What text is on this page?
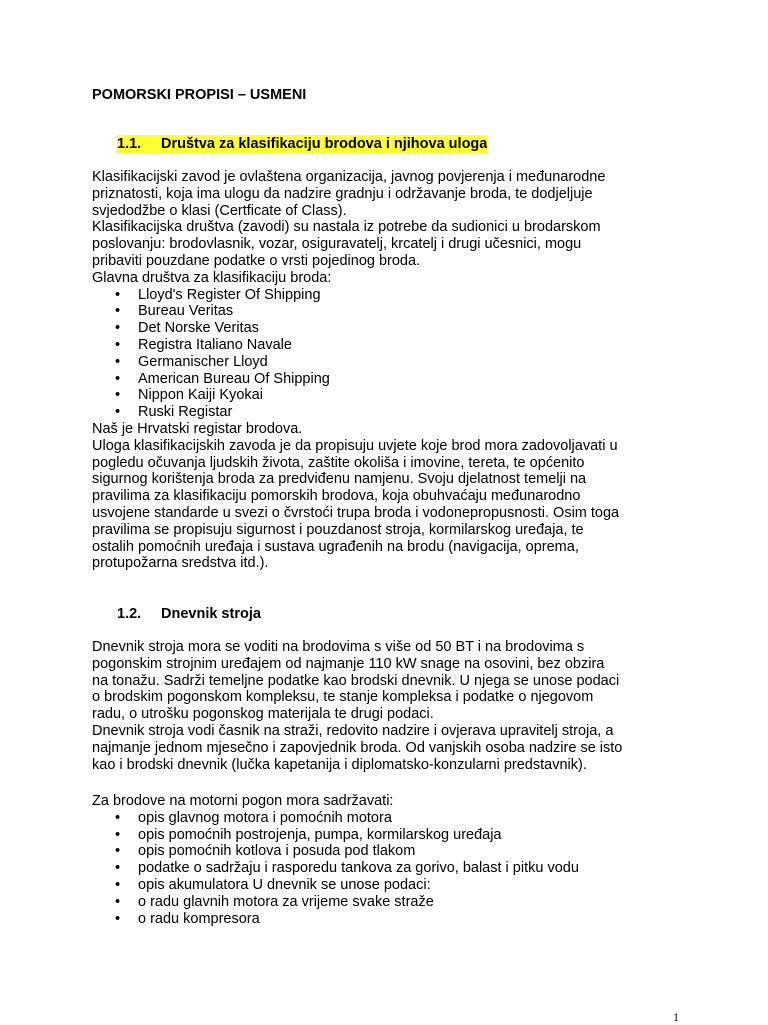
POMORSKI PROPISI – USMENI
1.1. Društva za klasifikaciju brodova i njihova uloga

Klasifikacijski zavod je ovlaštena organizacija, javnog povjerenja i međunarodne
priznatosti, koja ima ulogu da nadzire gradnju i održavanje broda, te dodjeljuje
svjedodžbe o klasi (Certficate of Class).

Klasifikacijska društva (zavodi) su nastala iz potrebe da sudionici u brodarskom
poslovanju: brodovlasnik, vozar, osiguravatelj, krcatelj i drugi učesnici, mogu
pribaviti pouzdane podatke o vrsti pojedinog broda.

Glavna društva za klasifikaciju broda:

• Lloyd's Register Of Shipping
• Bureau Veritas
• Det Norske Veritas
• Registra Italiano Navale
• Germanischer Lloyd
• American Bureau Of Shipping
• Nippon Kaiji Kyokai
• Ruski Registar

Naš je Hrvatski registar brodova.

Uloga klasifikacijskih zavoda je da propisuju uvjete koje brod mora zadovoljavati u
pogledu očuvanja ljudskih života, zaštite okoliša i imovine, tereta, te općenito
sigurnog korištenja broda za predviđenu namjenu. Svoju djelatnost temelji na
pravilima za klasifikaciju pomorskih brodova, koja obuhvaćaju međunarodno
usvojene standarde u svezi o čvrstoći trupa broda i vodonepropusnosti. Osim toga
pravilima se propisuju sigurnost i pouzdanost stroja, kormilarskog uređaja, te
ostalih pomoćnih uređaja i sustava ugrađenih na brodu (navigacija, oprema,
protupožarna sredstva itd.).

1.2. Dnevnik stroja

Dnevnik stroja mora se voditi na brodovima s više od 50 BT i na brodovima s
pogonskim strojnim uređajem od najmanje 110 kW snage na osovini, bez obzira
na tonažu. Sadrži temeljne podatke kao brodski dnevnik. U njega se unose podaci
o brodskim pogonskom kompleksu, te stanje kompleksa i podatke o njegovom
radu, o utrošku pogonskog materijala te drugi podaci.
Dnevnik stroja vodi časnik na straži, redovito nadzire i ovjerava upravitelj stroja, a
najmanje jednom mjesečno i zapovjednik broda. Od vanjskih osoba nadzire se isto
kao i brodski dnevnik (lučka kapetanija i diplomatsko-konzularni predstavnik).

Za brodove na motorni pogon mora sadržavati:

• opis glavnog motora i pomoćnih motora
• opis pomoćnih postrojenja, pumpa, kormilarskog uređaja
• opis pomoćnih kotlova i posuda pod tlakom
• podatke o sadržaju i rasporedu tankova za gorivo, balast i pitku vodu
• opis akumulatora U dnevnik se unose podaci:
• o radu glavnih motora za vrijeme svake straže
• o radu kompresora
1
